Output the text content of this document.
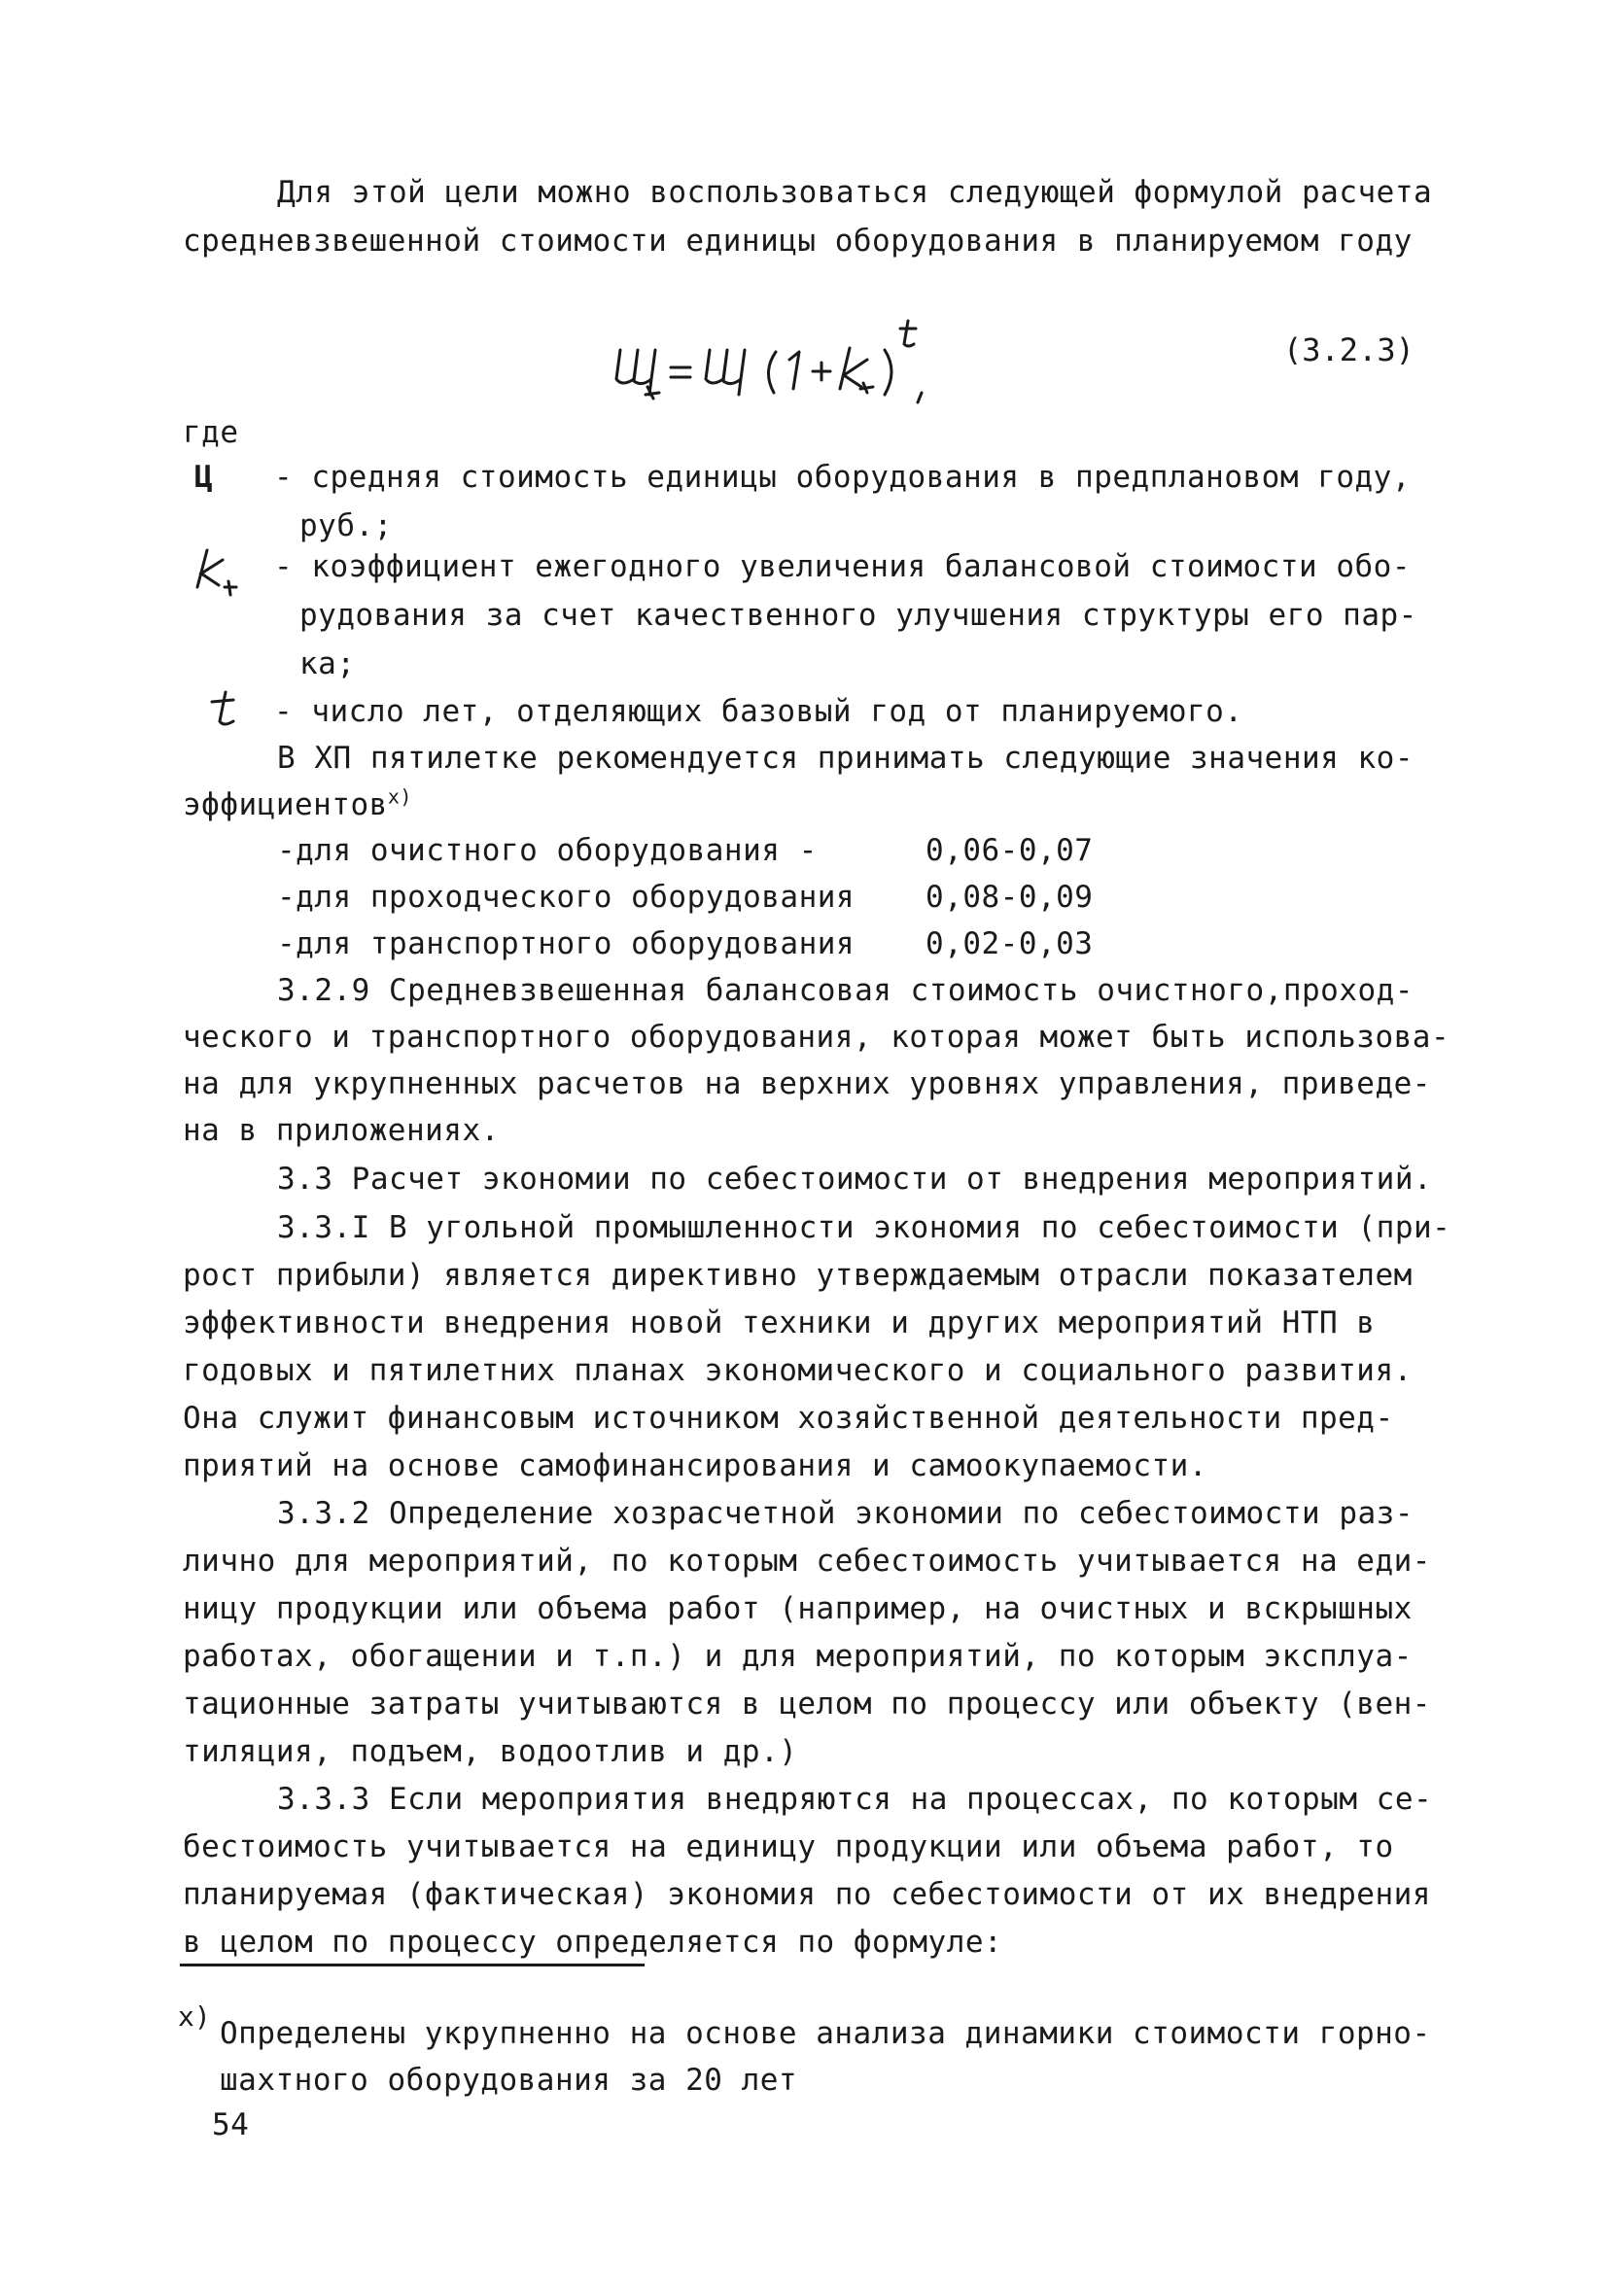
Для этой цели можно воспользоваться следующей формулой расчета
средневзвешенной стоимости единицы оборудования в планируемом году
(3.2.3)
где
Ц - средняя стоимость единицы оборудования в предплановом году,
руб.;
- коэффициент ежегодного увеличения балансовой стоимости обо-
рудования за счет качественного улучшения структуры его пар-
ка;
- число лет, отделяющих базовый год от планируемого.
В ХП пятилетке рекомендуется принимать следующие значения ко-
эффициентов$^{х)}$
-для очистного оборудования -	0,06-0,07
-для проходческого оборудования 0,08-0,09
-для транспортного оборудования 0,02-0,03
3.2.9 Средневзвешенная балансовая стоимость очистного,проход-
ческого и транспортного оборудования, которая может быть использова-
на для укрупненных расчетов на верхних уровнях управления, приведе-
на в приложениях.
3.3 Расчет экономии по себестоимости от внедрения мероприятий.
3.3.I В угольной промышленности экономия по себестоимости (при-
рост прибыли) является директивно утверждаемым отрасли показателем
эффективности внедрения новой техники и других мероприятий НТП в
годовых и пятилетних планах экономического и социального развития.
Она служит финансовым источником хозяйственной деятельности пред-
приятий на основе самофинансирования и самоокупаемости.
3.3.2 Определение хозрасчетной экономии по себестоимости раз-
лично для мероприятий, по которым себестоимость учитывается на еди-
ницу продукции или объема работ (например, на очистных и вскрышных
работах, обогащении и т.п.) и для мероприятий, по которым эксплуа-
тационные затраты учитываются в целом по процессу или объекту (вен-
тиляция, подъем, водоотлив и др.)
3.3.3 Если мероприятия внедряются на процессах, по которым се-
бестоимость учитывается на единицу продукции или объема работ, то
планируемая (фактическая) экономия по себестоимости от их внедрения
в целом по процессу определяется по формуле:
х) Определены укрупненно на основе анализа динамики стоимости горно-
шахтного оборудования за 20 лет
54
